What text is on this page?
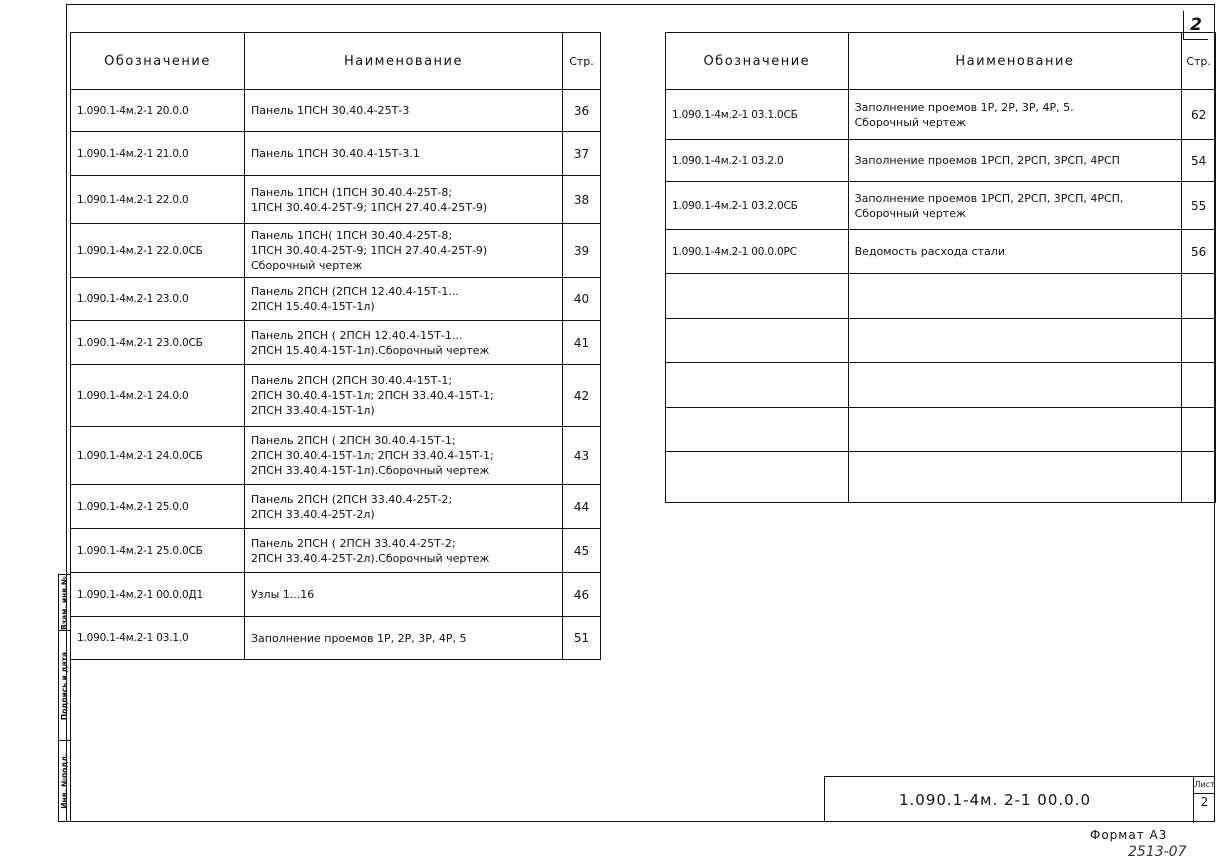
2
Обозначение	Наименование	Стр.
1.090.1-4м.2-1 20.0.0	Панель 1ПСН 30.40.4-25Т-3	36
1.090.1-4м.2-1 21.0.0	Панель 1ПСН 30.40.4-15Т-3.1	37
1.090.1-4м.2-1 22.0.0	Панель 1ПСН (1ПСН 30.40.4-25Т-8;
1ПСН 30.40.4-25Т-9; 1ПСН 27.40.4-25Т-9)	38
1.090.1-4м.2-1 22.0.0СБ	Панель 1ПСН( 1ПСН 30.40.4-25Т-8;
1ПСН 30.40.4-25Т-9; 1ПСН 27.40.4-25Т-9)
Сборочный чертеж	39
1.090.1-4м.2-1 23.0.0	Панель 2ПСН (2ПСН 12.40.4-15Т-1...
2ПСН 15.40.4-15Т-1л)	40
1.090.1-4м.2-1 23.0.0СБ	Панель 2ПСН ( 2ПСН 12.40.4-15Т-1...
2ПСН 15.40.4-15Т-1л).Сборочный чертеж	41
1.090.1-4м.2-1 24.0.0	Панель 2ПСН (2ПСН 30.40.4-15Т-1;
2ПСН 30.40.4-15Т-1л; 2ПСН 33.40.4-15Т-1;
2ПСН 33.40.4-15Т-1л)	42
1.090.1-4м.2-1 24.0.0СБ	Панель 2ПСН ( 2ПСН 30.40.4-15Т-1;
2ПСН 30.40.4-15Т-1л; 2ПСН 33.40.4-15Т-1;
2ПСН 33.40.4-15Т-1л).Сборочный чертеж	43
1.090.1-4м.2-1 25.0.0	Панель 2ПСН (2ПСН 33.40.4-25Т-2;
2ПСН 33.40.4-25Т-2л)	44
1.090.1-4м.2-1 25.0.0СБ	Панель 2ПСН ( 2ПСН 33.40.4-25Т-2;
2ПСН 33.40.4-25Т-2л).Сборочный чертеж	45
1.090.1-4м.2-1 00.0.0Д1	Узлы 1...16	46
1.090.1-4м.2-1 03.1.0	Заполнение проемов 1Р, 2Р, 3Р, 4Р, 5	51
Обозначение	Наименование	Стр.
1.090.1-4м.2-1 03.1.0СБ	Заполнение проемов 1Р, 2Р, 3Р, 4Р, 5.
Сборочный чертеж	62
1.090.1-4м.2-1 03.2.0	Заполнение проемов 1РСП, 2РСП, 3РСП, 4РСП	54
1.090.1-4м.2-1 03.2.0СБ	Заполнение проемов 1РСП, 2РСП, 3РСП, 4РСП,
Сборочный чертеж	55
1.090.1-4м.2-1 00.0.0РС	Ведомость расхода стали	56

Взам. инв.№
Подпись и дата
Инв. №подл.	1.090.1-4м. 2-1 00.0.0
Лист
2
Формат А3
2513-07
